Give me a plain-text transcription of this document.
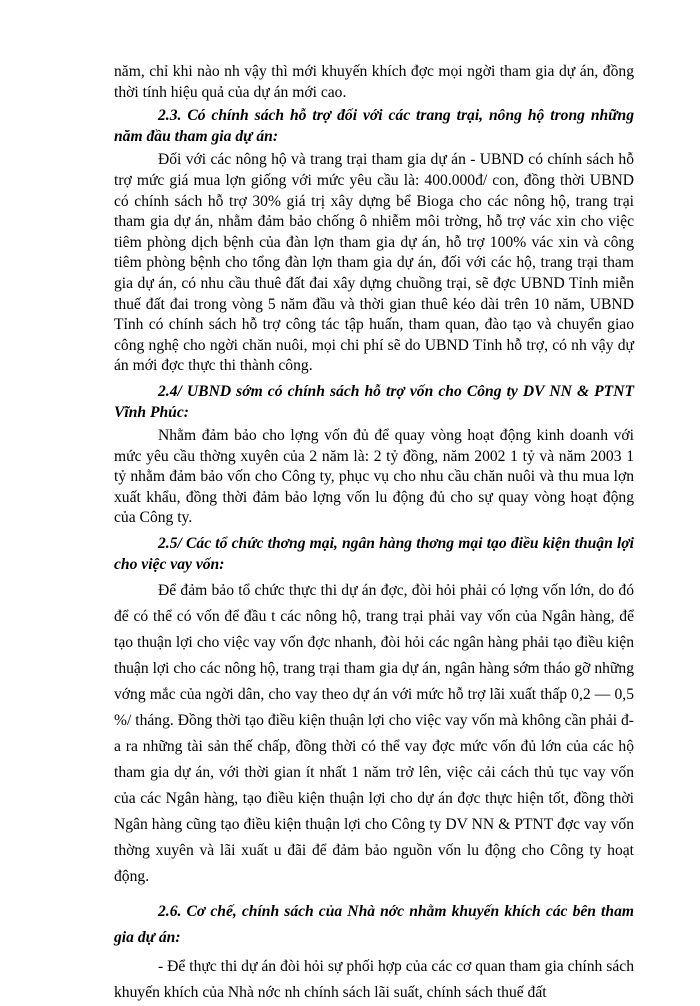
năm, chỉ khi nào nh vậy thì mới khuyến khích đợc mọi ngời tham gia dự án, đồng thời tính hiệu quả của dự án mới cao.

2.3. Có chính sách hỗ trợ đối với các trang trại, nông hộ trong những năm đầu tham gia dự án:

Đối với các nông hộ và trang trại tham gia dự án - UBND có chính sách hỗ trợ mức giá mua lợn giống với mức yêu cầu là: 400.000đ/ con, đồng thời UBND có chính sách hỗ trợ 30% giá trị xây dựng bể Bioga cho các nông hộ, trang trại tham gia dự án, nhằm đảm bảo chống ô nhiễm môi trờng, hỗ trợ vác xin cho việc tiêm phòng dịch bệnh của đàn lợn tham gia dự án, hỗ trợ 100% vác xin và công tiêm phòng bệnh cho tổng đàn lợn tham gia dự án, đối với các hộ, trang trại tham gia dự án, có nhu cầu thuê đất đai xây dựng chuồng trại, sẽ đợc UBND Tỉnh miễn thuế đất đai trong vòng 5 năm đầu và thời gian thuê kéo dài trên 10 năm, UBND Tỉnh có chính sách hỗ trợ công tác tập huấn, tham quan, đào tạo và chuyển giao công nghệ cho ngời chăn nuôi, mọi chi phí sẽ do UBND Tỉnh hỗ trợ, có nh vậy dự án mới đợc thực thi thành công.

2.4/ UBND sớm có chính sách hỗ trợ vốn cho Công ty DV NN & PTNT Vĩnh Phúc:

Nhằm đảm bảo cho lợng vốn đủ để quay vòng hoạt động kinh doanh với mức yêu cầu thờng xuyên của 2 năm là: 2 tỷ đồng, năm 2002 1 tỷ và năm 2003 1 tỷ nhằm đảm bảo vốn cho Công ty, phục vụ cho nhu cầu chăn nuôi và thu mua lợn xuất khẩu, đồng thời đảm bảo lợng vốn lu động đủ cho sự quay vòng hoạt động của Công ty.

2.5/ Các tổ chức thơng mại, ngân hàng thơng mại tạo điều kiện thuận lợi cho việc vay vốn:

Để đảm bảo tổ chức thực thi dự án đợc, đòi hỏi phải có lợng vốn lớn, do đó để có thể có vốn để đầu t các nông hộ, trang trại phải vay vốn của Ngân hàng, để tạo thuận lợi cho việc vay vốn đợc nhanh, đòi hỏi các ngân hàng phải tạo điều kiện thuận lợi cho các nông hộ, trang trại tham gia dự án, ngân hàng sớm tháo gỡ những vớng mắc của ngời dân, cho vay theo dự án với mức hỗ trợ lãi xuất thấp 0,2 — 0,5 %/ tháng. Đồng thời tạo điều kiện thuận lợi cho việc vay vốn mà không cần phải đa ra những tài sản thế chấp, đồng thời có thể vay đợc mức vốn đủ lớn của các hộ tham gia dự án, với thời gian ít nhất 1 năm trở lên, việc cải cách thủ tục vay vốn của các Ngân hàng, tạo điều kiện thuận lợi cho dự án đợc thực hiện tốt, đồng thời Ngân hàng cũng tạo điều kiện thuận lợi cho Công ty DV NN & PTNT đợc vay vốn thờng xuyên và lãi xuất u đãi để đảm bảo nguồn vốn lu động cho Công ty hoạt động.

2.6. Cơ chế, chính sách của Nhà nớc nhằm khuyến khích các bên tham gia dự án:

- Để thực thi dự án đòi hỏi sự phối hợp của các cơ quan tham gia chính sách khuyến khích của Nhà nớc nh chính sách lãi suất, chính sách thuế đất
